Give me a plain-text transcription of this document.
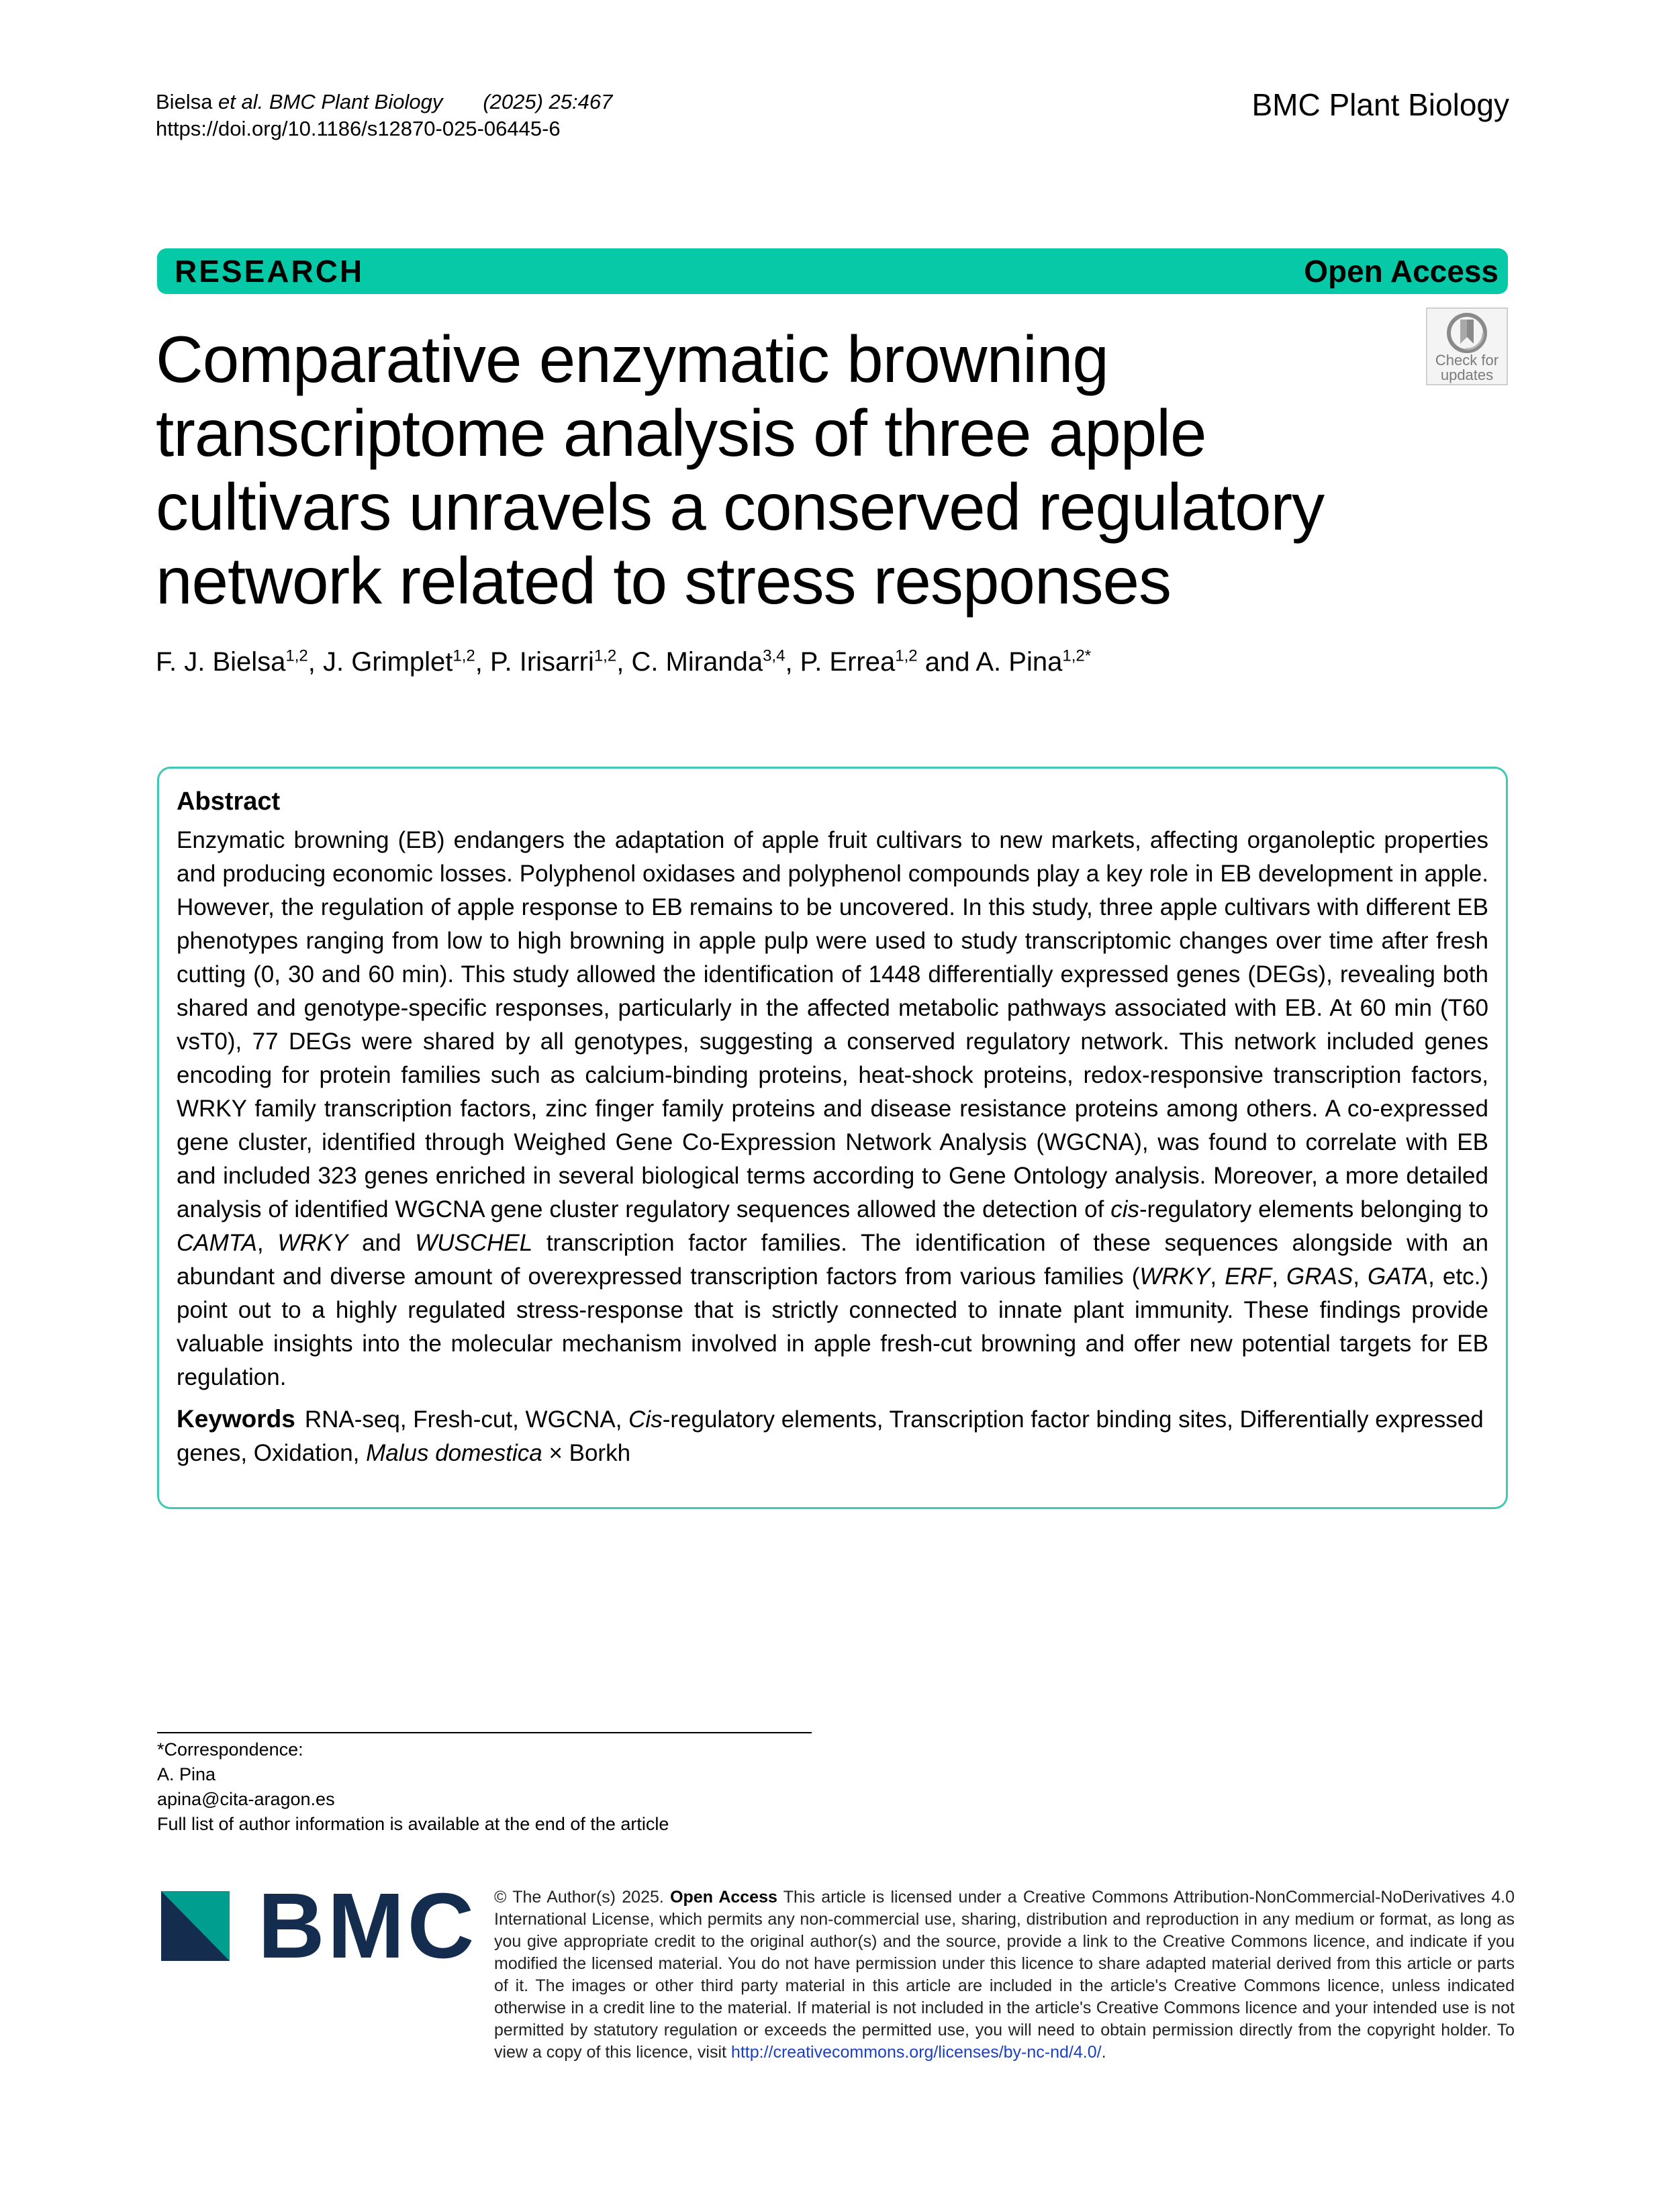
Bielsa et al. BMC Plant Biology (2025) 25:467
https://doi.org/10.1186/s12870-025-06445-6
BMC Plant Biology
RESEARCH	Open Access
Check for
updates
Comparative enzymatic browning transcriptome analysis of three apple cultivars unravels a conserved regulatory network related to stress responses
F. J. Bielsa$^{1,2}$, J. Grimplet$^{1,2}$, P. Irisarri$^{1,2}$, C. Miranda$^{3,4}$, P. Errea$^{1,2}$ and A. Pina$^{1,2*}$
Abstract

Enzymatic browning (EB) endangers the adaptation of apple fruit cultivars to new markets, affecting organoleptic properties and producing economic losses. Polyphenol oxidases and polyphenol compounds play a key role in EB development in apple. However, the regulation of apple response to EB remains to be uncovered. In this study, three apple cultivars with different EB phenotypes ranging from low to high browning in apple pulp were used to study transcriptomic changes over time after fresh cutting (0, 30 and 60 min). This study allowed the identification of 1448 differentially expressed genes (DEGs), revealing both shared and genotype-specific responses, particularly in the affected metabolic pathways associated with EB. At 60 min (T60 vsT0), 77 DEGs were shared by all genotypes, suggesting a conserved regulatory network. This network included genes encoding for protein families such as calcium-binding proteins, heat-shock proteins, redox-responsive transcription factors, WRKY family transcription factors, zinc finger family proteins and disease resistance proteins among others. A co-expressed gene cluster, identified through Weighed Gene Co-Expression Network Analysis (WGCNA), was found to correlate with EB and included 323 genes enriched in several biological terms according to Gene Ontology analysis. Moreover, a more detailed analysis of identified WGCNA gene cluster regulatory sequences allowed the detection of cis-regulatory elements belonging to CAMTA, WRKY and WUSCHEL transcription factor families. The identification of these sequences alongside with an abundant and diverse amount of overexpressed transcription factors from various families (WRKY, ERF, GRAS, GATA, etc.) point out to a highly regulated stress-response that is strictly connected to innate plant immunity. These findings provide valuable insights into the molecular mechanism involved in apple fresh-cut browning and offer new potential targets for EB regulation.

Keywords RNA-seq, Fresh-cut, WGCNA, Cis-regulatory elements, Transcription factor binding sites, Differentially expressed genes, Oxidation, Malus domestica × Borkh

*Correspondence:
A. Pina
apina@cita-aragon.es
Full list of author information is available at the end of the article
BMC © The Author(s) 2025. Open Access This article is licensed under a Creative Commons Attribution-NonCommercial-NoDerivatives 4.0 International License, which permits any non-commercial use, sharing, distribution and reproduction in any medium or format, as long as you give appropriate credit to the original author(s) and the source, provide a link to the Creative Commons licence, and indicate if you modified the licensed material. You do not have permission under this licence to share adapted material derived from this article or parts of it. The images or other third party material in this article are included in the article's Creative Commons licence, unless indicated otherwise in a credit line to the material. If material is not included in the article's Creative Commons licence and your intended use is not permitted by statutory regulation or exceeds the permitted use, you will need to obtain permission directly from the copyright holder. To view a copy of this licence, visit http://creativecommons.org/licenses/by-nc-nd/4.0/.
